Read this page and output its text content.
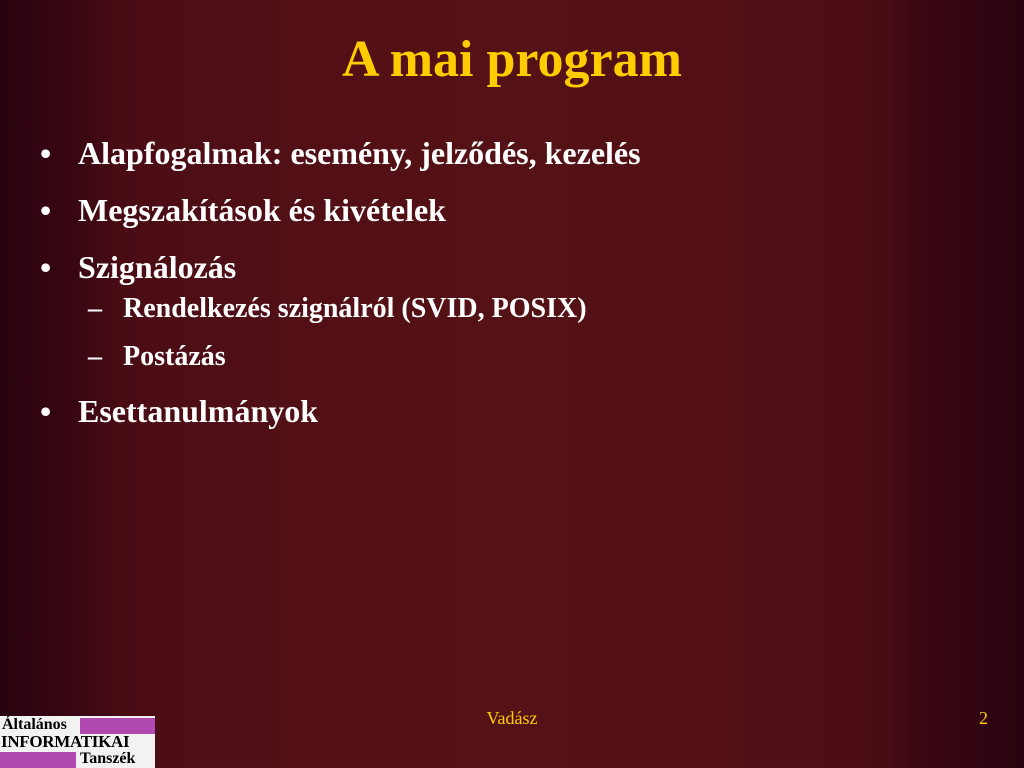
A mai program
• Alapfogalmak: esemény, jelződés, kezelés
• Megszakítások és kivételek
• Szignálozás
– Rendelkezés szignálról (SVID, POSIX)
– Postázás
• Esettanulmányok
Vadász	2
Általános
INFORMATIKAI
Tanszék
